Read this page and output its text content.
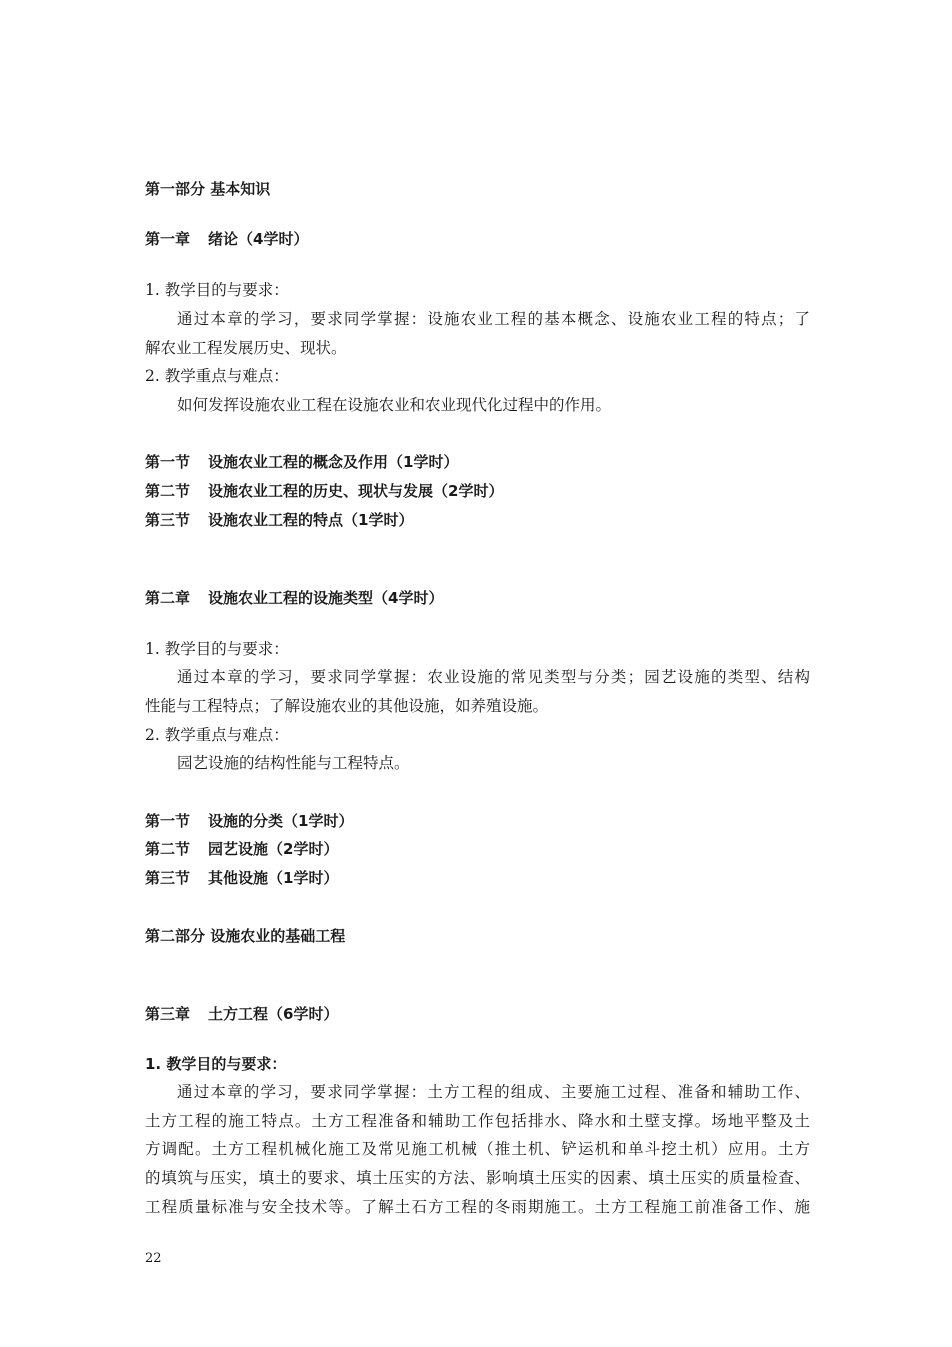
第一部分 基本知识
第一章 绪论（4学时）
1. 教学目的与要求：
通过本章的学习，要求同学掌握：设施农业工程的基本概念、设施农业工程的特点；了
解农业工程发展历史、现状。
2. 教学重点与难点：
如何发挥设施农业工程在设施农业和农业现代化过程中的作用。
第一节 设施农业工程的概念及作用（1学时）
第二节 设施农业工程的历史、现状与发展（2学时）
第三节 设施农业工程的特点（1学时）
第二章 设施农业工程的设施类型（4学时）
1. 教学目的与要求：
通过本章的学习，要求同学掌握：农业设施的常见类型与分类；园艺设施的类型、结构
性能与工程特点；了解设施农业的其他设施，如养殖设施。
2. 教学重点与难点：
园艺设施的结构性能与工程特点。
第一节 设施的分类（1学时）
第二节 园艺设施（2学时）
第三节 其他设施（1学时）
第二部分 设施农业的基础工程
第三章 土方工程（6学时）
1. 教学目的与要求：
通过本章的学习，要求同学掌握：土方工程的组成、主要施工过程、准备和辅助工作、
土方工程的施工特点。土方工程准备和辅助工作包括排水、降水和土壁支撑。场地平整及土
方调配。土方工程机械化施工及常见施工机械（推土机、铲运机和单斗挖土机）应用。土方
的填筑与压实，填土的要求、填土压实的方法、影响填土压实的因素、填土压实的质量检查、
工程质量标准与安全技术等。了解土石方工程的冬雨期施工。土方工程施工前准备工作、施
22
